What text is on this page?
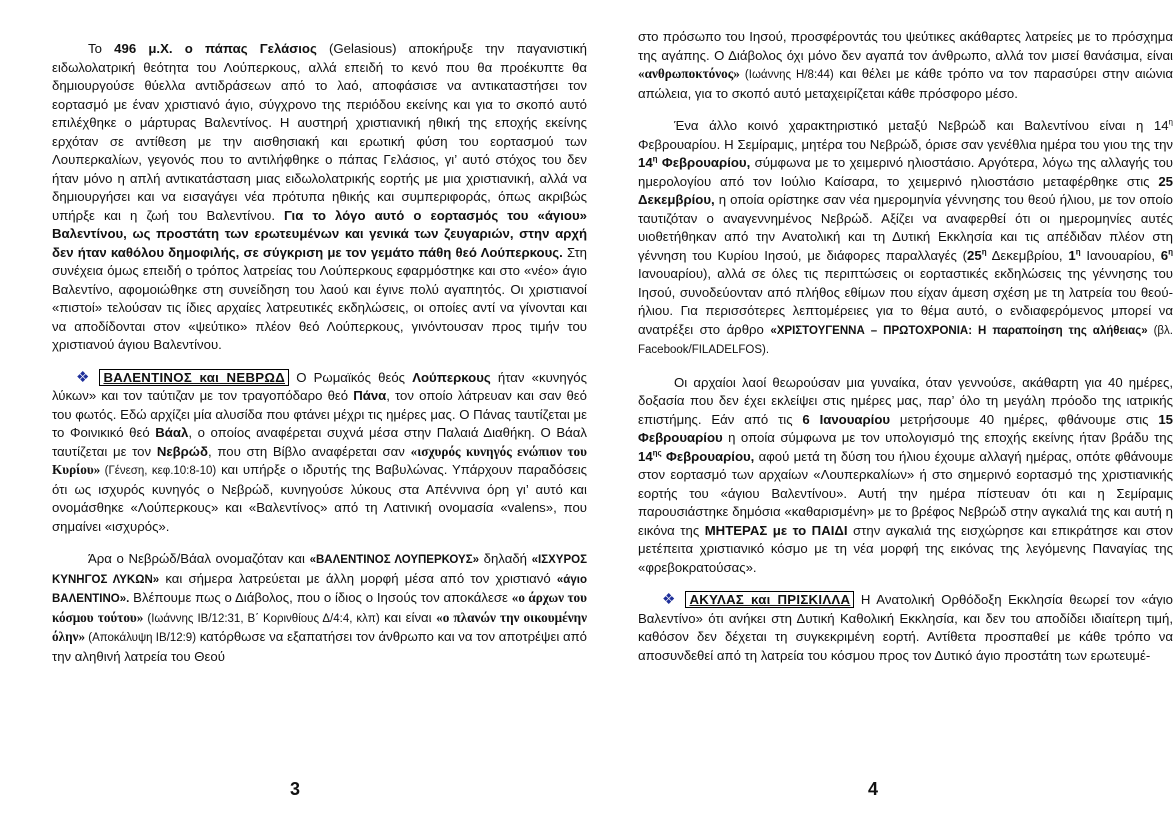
Το 496 μ.Χ. ο πάπας Γελάσιος (Gelasious) αποκήρυξε την παγανιστική ειδωλολατρική θεότητα του Λούπερκους, αλλά επειδή το κενό που θα προέκυπτε θα δημιουργούσε θύελλα αντιδράσεων από το λαό, αποφάσισε να αντικαταστήσει τον εορτασμό με έναν χριστιανό άγιο, σύγχρονο της περιόδου εκείνης και για το σκοπό αυτό επιλέχθηκε ο μάρτυρας Βαλεντίνος. Η αυστηρή χριστιανική ηθική της εποχής εκείνης ερχόταν σε αντίθεση με την αισθησιακή και ερωτική φύση του εορτασμού των Λουπερκαλίων, γεγονός που το αντιλήφθηκε ο πάπας Γελάσιος, γι’ αυτό στόχος του δεν ήταν μόνο η απλή αντικατάσταση μιας ειδωλολατρικής εορτής με μια χριστιανική, αλλά να δημιουργήσει και να εισαγάγει νέα πρότυπα ηθικής και συμπεριφοράς, όπως ακριβώς υπήρξε και η ζωή του Βαλεντίνου. Για το λόγο αυτό ο εορτασμός του «άγιου» Βαλεντίνου, ως προστάτη των ερωτευμένων και γενικά των ζευγαριών, στην αρχή δεν ήταν καθόλου δημοφιλής, σε σύγκριση με τον γεμάτο πάθη θεό Λούπερκους. Στη συνέχεια όμως επειδή ο τρόπος λατρείας του Λούπερκους εφαρμόστηκε και στο «νέο» άγιο Βαλεντίνο, αφομοιώθηκε στη συνείδηση του λαού και έγινε πολύ αγαπητός. Οι χριστιανοί «πιστοί» τελούσαν τις ίδιες αρχαίες λατρευτικές εκδηλώσεις, οι οποίες αντί να γίνονται και να αποδίδονται στον «ψεύτικο» πλέον θεό Λούπερκους, γινόντουσαν προς τιμήν του χριστιανού άγιου Βαλεντίνου.

❖ ΒΑΛΕΝΤΙΝΟΣ και ΝΕΒΡΩΔ Ο Ρωμαϊκός θεός Λούπερκους ήταν «κυνηγός λύκων» και τον ταύτιζαν με τον τραγοπόδαρο θεό Πάνα, τον οποίο λάτρευαν και σαν θεό του φωτός. Εδώ αρχίζει μία αλυσίδα που φτάνει μέχρι τις ημέρες μας. Ο Πάνας ταυτίζεται με το Φοινικικό θεό Βάαλ, ο οποίος αναφέρεται συχνά μέσα στην Παλαιά Διαθήκη. Ο Βάαλ ταυτίζεται με τον Νεβρώδ, που στη Βίβλο αναφέρεται σαν «ισχυρός κυνηγός ενώπιον του Κυρίου» (Γένεση, κεφ.10:8-10) και υπήρξε ο ιδρυτής της Βαβυλώνας. Υπάρχουν παραδόσεις ότι ως ισχυρός κυνηγός ο Νεβρώδ, κυνηγούσε λύκους στα Απέννινα όρη γι’ αυτό και ονομάσθηκε «Λούπερκους» και «Βαλεντίνος» από τη Λατινική ονομασία «valens», που σημαίνει «ισχυρός».

Άρα ο Νεβρώδ/Βάαλ ονομαζόταν και «ΒΑΛΕΝΤΙΝΟΣ ΛΟΥΠΕΡΚΟΥΣ» δηλαδή «ΙΣΧΥΡΟΣ ΚΥΝΗΓΟΣ ΛΥΚΩΝ» και σήμερα λατρεύεται με άλλη μορφή μέσα από τον χριστιανό «άγιο ΒΑΛΕΝΤΙΝΟ». Βλέπουμε πως ο Διάβολος, που ο ίδιος ο Ιησούς τον αποκάλεσε «ο άρχων του κόσμου τούτου» (Ιωάννης ΙΒ/12:31, Β΄ Κορινθίους Δ/4:4, κλπ) και είναι «ο πλανών την οικουμένην όλην» (Αποκάλυψη ΙΒ/12:9) κατόρθωσε να εξαπατήσει τον άνθρωπο και να τον αποτρέψει από την αληθινή λατρεία του Θεού

3

στο πρόσωπο του Ιησού, προσφέροντάς του ψεύτικες ακάθαρτες λατρείες με το πρόσχημα της αγάπης. Ο Διάβολος όχι μόνο δεν αγαπά τον άνθρωπο, αλλά τον μισεί θανάσιμα, είναι «ανθρωποκτόνος» (Ιωάννης Η/8:44) και θέλει με κάθε τρόπο να τον παρασύρει στην αιώνια απώλεια, για το σκοπό αυτό μεταχειρίζεται κάθε πρόσφορο μέσο.

Ένα άλλο κοινό χαρακτηριστικό μεταξύ Νεβρώδ και Βαλεντίνου είναι η $14^\eta$ Φεβρουαρίου. Η Σεμίραμις, μητέρα του Νεβρώδ, όρισε σαν γενέθλια ημέρα του γιου της την $14^\eta$ Φεβρουαρίου, σύμφωνα με το χειμερινό ηλιοστάσιο. Αργότερα, λόγω της αλλαγής του ημερολογίου από τον Ιούλιο Καίσαρα, το χειμερινό ηλιοστάσιο μεταφέρθηκε στις 25 Δεκεμβρίου, η οποία ορίστηκε σαν νέα ημερομηνία γέννησης του θεού ήλιου, με τον οποίο ταυτιζόταν ο αναγεννημένος Νεβρώδ. Αξίζει να αναφερθεί ότι οι ημερομηνίες αυτές υιοθετήθηκαν από την Ανατολική και τη Δυτική Εκκλησία και τις απέδιδαν πλέον στη γέννηση του Κυρίου Ιησού, με διάφορες παραλλαγές ($25^\eta$ Δεκεμβρίου, $1^\eta$ Ιανουαρίου, $6^\eta$ Ιανουαρίου), αλλά σε όλες τις περιπτώσεις οι εορταστικές εκδηλώσεις της γέννησης του Ιησού, συνοδεύονταν από πλήθος εθίμων που είχαν άμεση σχέση με τη λατρεία του θεού-ήλιου. Για περισσότερες λεπτομέρειες για το θέμα αυτό, ο ενδιαφερόμενος μπορεί να ανατρέξει στο άρθρο «ΧΡΙΣΤΟΥΓΕΝΝΑ – ΠΡΩΤΟΧΡΟΝΙΑ: Η παραποίηση της αλήθειας» (βλ. Facebook/FILADELFOS).

Οι αρχαίοι λαοί θεωρούσαν μια γυναίκα, όταν γεννούσε, ακάθαρτη για 40 ημέρες, δοξασία που δεν έχει εκλείψει στις ημέρες μας, παρ’ όλο τη μεγάλη πρόοδο της ιατρικής επιστήμης. Εάν από τις 6 Ιανουαρίου μετρήσουμε 40 ημέρες, φθάνουμε στις 15 Φεβρουαρίου η οποία σύμφωνα με τον υπολογισμό της εποχής εκείνης ήταν βράδυ της $14^{\eta\varsigma}$ Φεβρουαρίου, αφού μετά τη δύση του ήλιου έχουμε αλλαγή ημέρας, οπότε φθάνουμε στον εορτασμό των αρχαίων «Λουπερκαλίων» ή στο σημερινό εορτασμό της χριστιανικής εορτής του «άγιου Βαλεντίνου». Αυτή την ημέρα πίστευαν ότι και η Σεμίραμις παρουσιάστηκε δημόσια «καθαρισμένη» με το βρέφος Νεβρώδ στην αγκαλιά της και αυτή η εικόνα της ΜΗΤΕΡΑΣ με το ΠΑΙΔΙ στην αγκαλιά της εισχώρησε και επικράτησε και στον μετέπειτα χριστιανικό κόσμο με τη νέα μορφή της εικόνας της λεγόμενης Παναγίας της «φρεβοκρατούσας».

❖ ΑΚΥΛΑΣ και ΠΡΙΣΚΙΛΛΑ Η Ανατολική Ορθόδοξη Εκκλησία θεωρεί τον «άγιο Βαλεντίνο» ότι ανήκει στη Δυτική Καθολική Εκκλησία, και δεν του αποδίδει ιδιαίτερη τιμή, καθόσον δεν δέχεται τη συγκεκριμένη εορτή. Αντίθετα προσπαθεί με κάθε τρόπο να αποσυνδεθεί από τη λατρεία του κόσμου προς τον Δυτικό άγιο προστάτη των ερωτευμέ-

4
